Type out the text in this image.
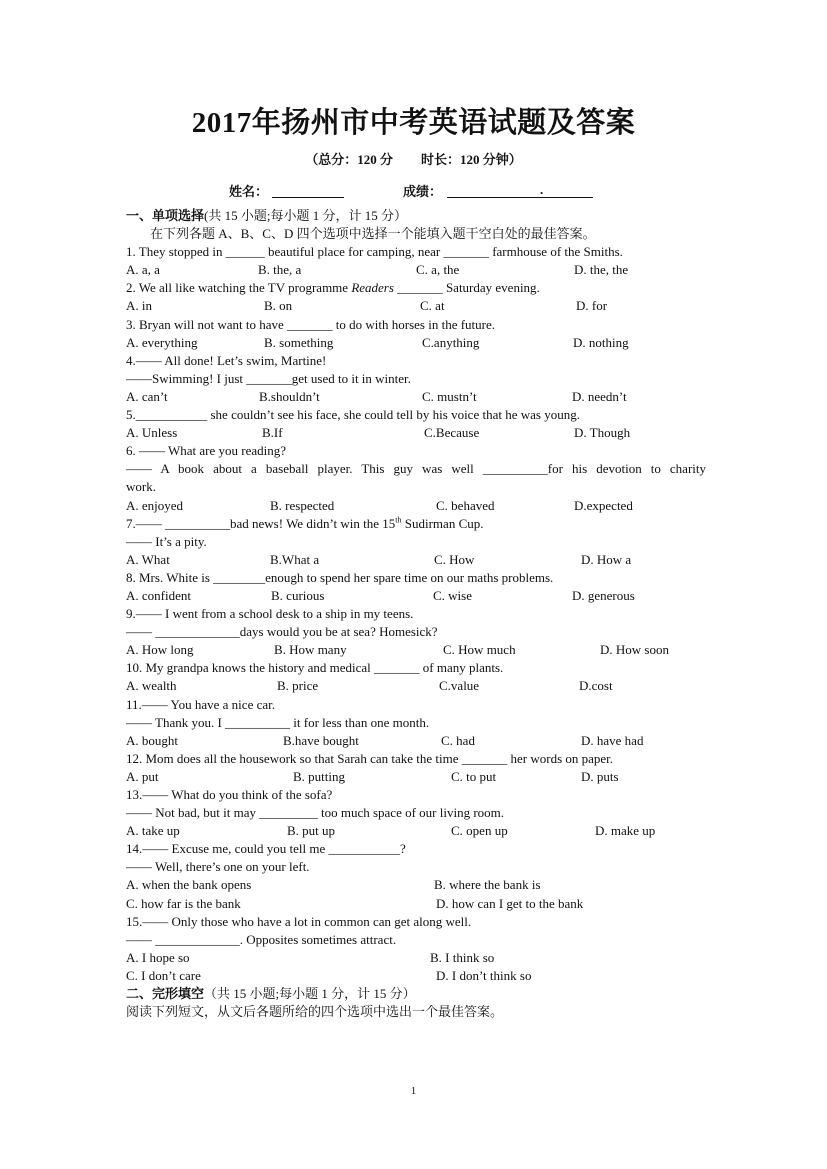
2017年扬州市中考英语试题及答案
（总分：120 分 时长：120 分钟）
姓名：	成绩：	.
一、单项选择(共 15 小题;每小题 1 分，计 15 分）
在下列各题 A、B、C、D 四个选项中选择一个能填入题干空白处的最佳答案。
1. They stopped in ______ beautiful place for camping, near _______ farmhouse of the Smiths.
A. a, a	B. the, a	C. a, the	D. the, the
2. We all like watching the TV programme Readers _______ Saturday evening.
A. in	B. on	C. at	D. for
3. Bryan will not want to have _______ to do with horses in the future.
A. everything	B. something	C.anything	D. nothing
4.—— All done! Let’s swim, Martine!
——Swimming! I just _______get used to it in winter.
A. can’t	B.shouldn’t	C. mustn’t	D. needn’t
5.___________ she couldn’t see his face, she could tell by his voice that he was young.
A. Unless	B.If	C.Because	D. Though
6. —— What are you reading?
—— A book about a baseball player. This guy was well __________for his devotion to charity
work.
A. enjoyed	B. respected	C. behaved	D.expected
7.—— __________bad news! We didn’t win the 15th Sudirman Cup.
—— It’s a pity.
A. What	B.What a	C. How	D. How a
8. Mrs. White is ________enough to spend her spare time on our maths problems.
A. confident	B. curious	C. wise	D. generous
9.—— I went from a school desk to a ship in my teens.
—— _____________days would you be at sea? Homesick?
A. How long	B. How many	C. How much	D. How soon
10. My grandpa knows the history and medical _______ of many plants.
A. wealth	B. price	C.value	D.cost
11.—— You have a nice car.
—— Thank you. I __________ it for less than one month.
A. bought	B.have bought	C. had	D. have had
12. Mom does all the housework so that Sarah can take the time _______ her words on paper.
A. put	B. putting	C. to put	D. puts
13.—— What do you think of the sofa?
—— Not bad, but it may _________ too much space of our living room.
A. take up	B. put up	C. open up	D. make up
14.—— Excuse me, could you tell me ___________?
—— Well, there’s one on your left.
A. when the bank opens	B. where the bank is
C. how far is the bank	D. how can I get to the bank
15.—— Only those who have a lot in common can get along well.
—— _____________. Opposites sometimes attract.
A. I hope so	B. I think so
C. I don’t care	D. I don’t think so
二、完形填空（共 15 小题;每小题 1 分，计 15 分）
阅读下列短文，从文后各题所给的四个选项中选出一个最佳答案。
1
